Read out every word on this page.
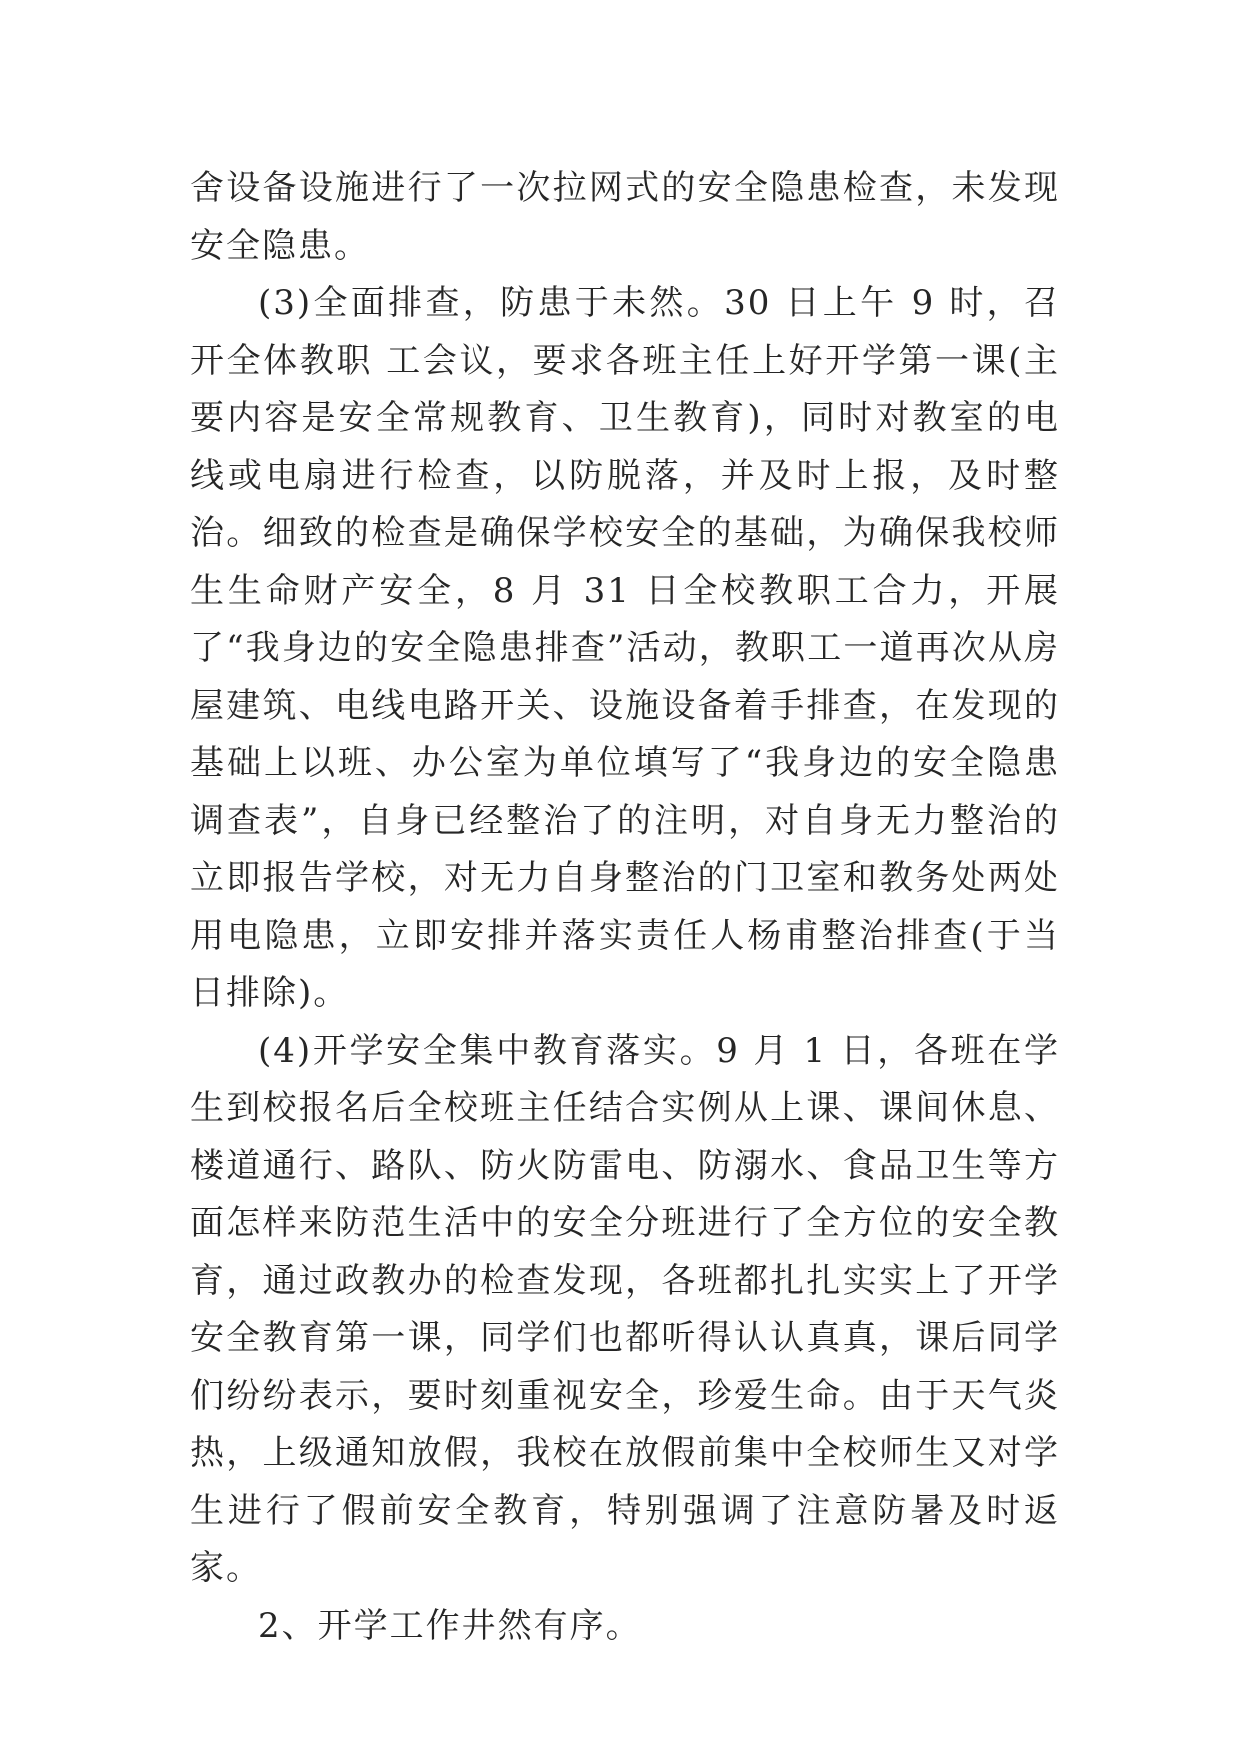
舍设备设施进行了一次拉网式的安全隐患检查，未发现安全隐患。

(3)全面排查，防患于未然。30 日上午 9 时，召开全体教职 工会议，要求各班主任上好开学第一课(主要内容是安全常规教育、卫生教育)，同时对教室的电线或电扇进行检查，以防脱落，并及时上报，及时整治。细致的检查是确保学校安全的基础，为确保我校师生生命财产安全，8 月 31 日全校教职工合力，开展了“我身边的安全隐患排查”活动，教职工一道再次从房屋建筑、电线电路开关、设施设备着手排查，在发现的基础上以班、办公室为单位填写了“我身边的安全隐患调查表”，自身已经整治了的注明，对自身无力整治的立即报告学校，对无力自身整治的门卫室和教务处两处用电隐患，立即安排并落实责任人杨甫整治排查(于当日排除)。

(4)开学安全集中教育落实。9 月 1 日，各班在学生到校报名后全校班主任结合实例从上课、课间休息、楼道通行、路队、防火防雷电、防溺水、食品卫生等方面怎样来防范生活中的安全分班进行了全方位的安全教育，通过政教办的检查发现，各班都扎扎实实上了开学安全教育第一课，同学们也都听得认认真真，课后同学们纷纷表示，要时刻重视安全，珍爱生命。由于天气炎热，上级通知放假，我校在放假前集中全校师生又对学生进行了假前安全教育，特别强调了注意防暑及时返家。

2、开学工作井然有序。
